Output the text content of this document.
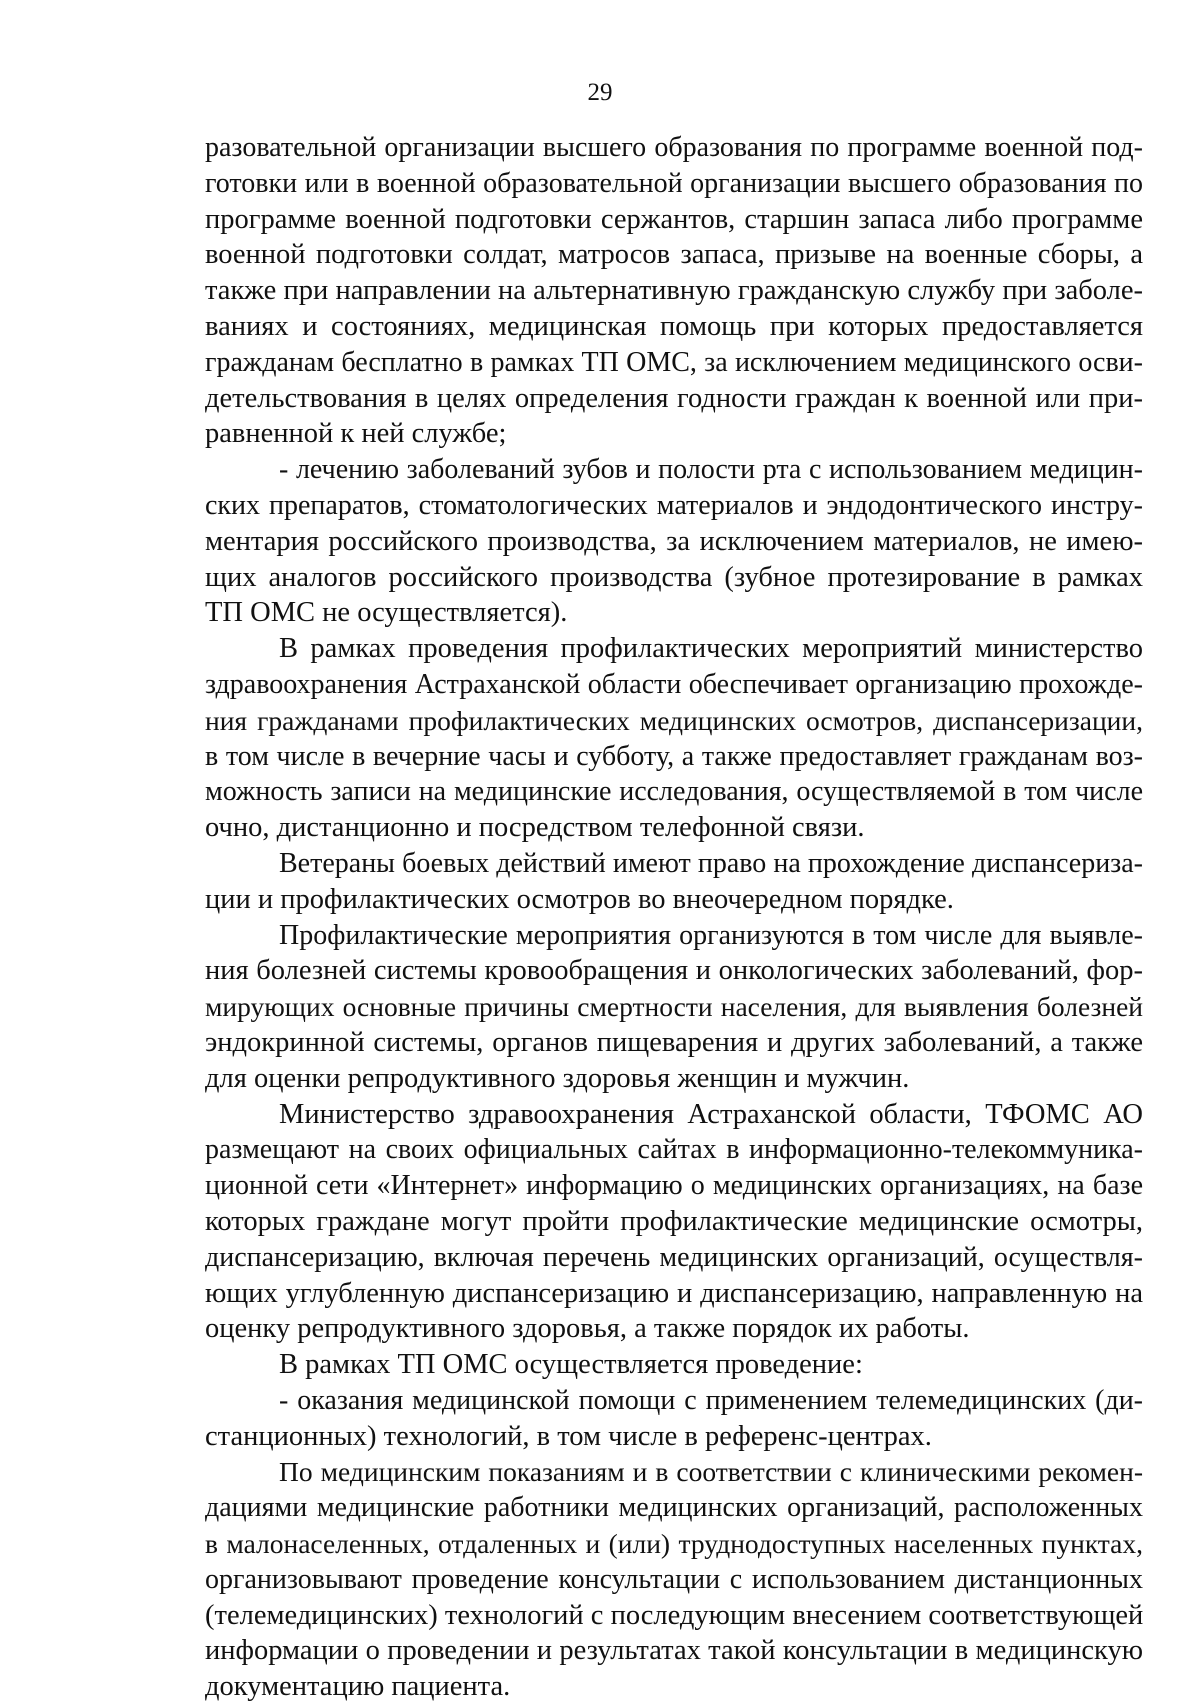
29
разовательной организации высшего образования по программе военной под-
готовки или в военной образовательной организации высшего образования по
программе военной подготовки сержантов, старшин запаса либо программе
военной подготовки солдат, матросов запаса, призыве на военные сборы, а
также при направлении на альтернативную гражданскую службу при заболе-
ваниях и состояниях, медицинская помощь при которых предоставляется
гражданам бесплатно в рамках ТП ОМС, за исключением медицинского осви-
детельствования в целях определения годности граждан к военной или при-
равненной к ней службе;
- лечению заболеваний зубов и полости рта с использованием медицин-
ских препаратов, стоматологических материалов и эндодонтического инстру-
ментария российского производства, за исключением материалов, не имею-
щих аналогов российского производства (зубное протезирование в рамках
ТП ОМС не осуществляется).
В рамках проведения профилактических мероприятий министерство
здравоохранения Астраханской области обеспечивает организацию прохожде-
ния гражданами профилактических медицинских осмотров, диспансеризации,
в том числе в вечерние часы и субботу, а также предоставляет гражданам воз-
можность записи на медицинские исследования, осуществляемой в том числе
очно, дистанционно и посредством телефонной связи.
Ветераны боевых действий имеют право на прохождение диспансериза-
ции и профилактических осмотров во внеочередном порядке.
Профилактические мероприятия организуются в том числе для выявле-
ния болезней системы кровообращения и онкологических заболеваний, фор-
мирующих основные причины смертности населения, для выявления болезней
эндокринной системы, органов пищеварения и других заболеваний, а также
для оценки репродуктивного здоровья женщин и мужчин.
Министерство здравоохранения Астраханской области, ТФОМС АО
размещают на своих официальных сайтах в информационно-телекоммуника-
ционной сети «Интернет» информацию о медицинских организациях, на базе
которых граждане могут пройти профилактические медицинские осмотры,
диспансеризацию, включая перечень медицинских организаций, осуществля-
ющих углубленную диспансеризацию и диспансеризацию, направленную на
оценку репродуктивного здоровья, а также порядок их работы.
В рамках ТП ОМС осуществляется проведение:
- оказания медицинской помощи с применением телемедицинских (ди-
станционных) технологий, в том числе в референс-центрах.
По медицинским показаниям и в соответствии с клиническими рекомен-
дациями медицинские работники медицинских организаций, расположенных
в малонаселенных, отдаленных и (или) труднодоступных населенных пунктах,
организовывают проведение консультации с использованием дистанционных
(телемедицинских) технологий с последующим внесением соответствующей
информации о проведении и результатах такой консультации в медицинскую
документацию пациента.
